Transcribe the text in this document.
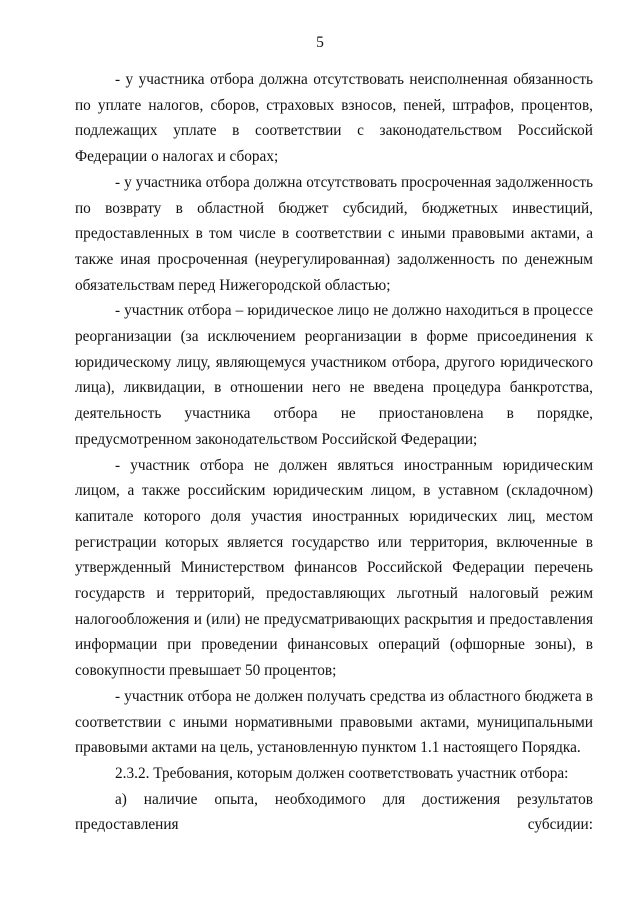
5

- у участника отбора должна отсутствовать неисполненная обязанность по уплате налогов, сборов, страховых взносов, пеней, штрафов, процентов, подлежащих уплате в соответствии с законодательством Российской Федерации о налогах и сборах;

- у участника отбора должна отсутствовать просроченная задолженность по возврату в областной бюджет субсидий, бюджетных инвестиций, предоставленных в том числе в соответствии с иными правовыми актами, а также иная просроченная (неурегулированная) задолженность по денежным обязательствам перед Нижегородской областью;

- участник отбора – юридическое лицо не должно находиться в процессе реорганизации (за исключением реорганизации в форме присоединения к юридическому лицу, являющемуся участником отбора, другого юридического лица), ликвидации, в отношении него не введена процедура банкротства, деятельность участника отбора не приостановлена в порядке, предусмотренном законодательством Российской Федерации;

- участник отбора не должен являться иностранным юридическим лицом, а также российским юридическим лицом, в уставном (складочном) капитале которого доля участия иностранных юридических лиц, местом регистрации которых является государство или территория, включенные в утвержденный Министерством финансов Российской Федерации перечень государств и территорий, предоставляющих льготный налоговый режим налогообложения и (или) не предусматривающих раскрытия и предоставления информации при проведении финансовых операций (офшорные зоны), в совокупности превышает 50 процентов;

- участник отбора не должен получать средства из областного бюджета в соответствии с иными нормативными правовыми актами, муниципальными правовыми актами на цель, установленную пунктом 1.1 настоящего Порядка.

2.3.2. Требования, которым должен соответствовать участник отбора:

а) наличие опыта, необходимого для достижения результатов предоставления субсидии:
